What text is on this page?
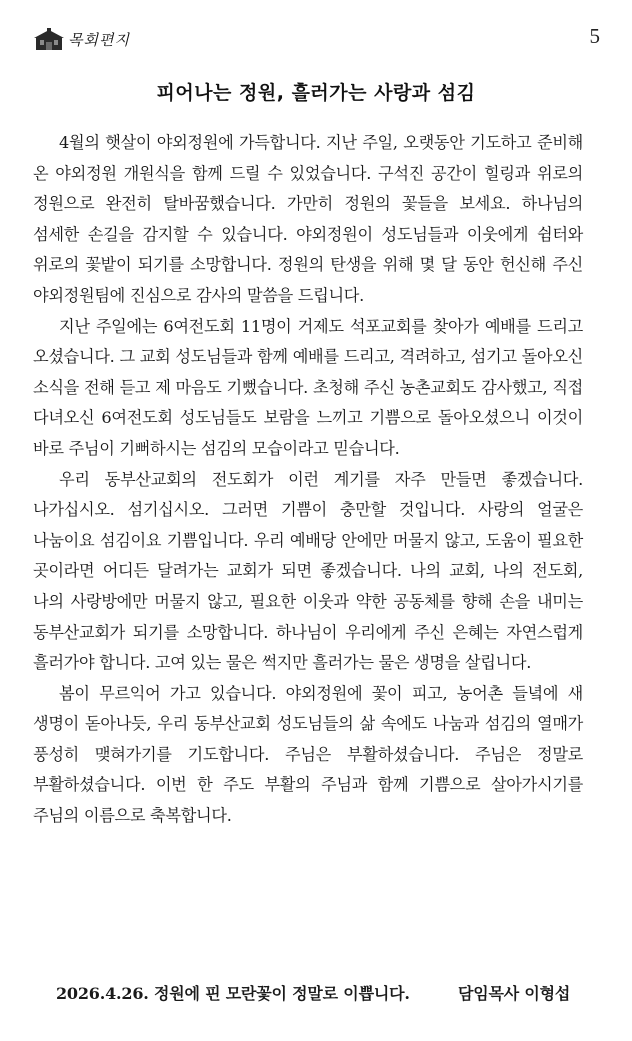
목회편지	5
피어나는 정원, 흘러가는 사랑과 섬김

4월의 햇살이 야외정원에 가득합니다. 지난 주일, 오랫동안 기도하고 준비해 온 야외정원 개원식을 함께 드릴 수 있었습니다. 구석진 공간이 힐링과 위로의 정원으로 완전히 탈바꿈했습니다. 가만히 정원의 꽃들을 보세요. 하나님의 섬세한 손길을 감지할 수 있습니다. 야외정원이 성도님들과 이웃에게 쉼터와 위로의 꽃밭이 되기를 소망합니다. 정원의 탄생을 위해 몇 달 동안 헌신해 주신 야외정원팀에 진심으로 감사의 말씀을 드립니다.

지난 주일에는 6여전도회 11명이 거제도 석포교회를 찾아가 예배를 드리고 오셨습니다. 그 교회 성도님들과 함께 예배를 드리고, 격려하고, 섬기고 돌아오신 소식을 전해 듣고 제 마음도 기뻤습니다. 초청해 주신 농촌교회도 감사했고, 직접 다녀오신 6여전도회 성도님들도 보람을 느끼고 기쁨으로 돌아오셨으니 이것이 바로 주님이 기뻐하시는 섬김의 모습이라고 믿습니다.

우리 동부산교회의 전도회가 이런 계기를 자주 만들면 좋겠습니다. 나가십시오. 섬기십시오. 그러면 기쁨이 충만할 것입니다. 사랑의 얼굴은 나눔이요 섬김이요 기쁨입니다. 우리 예배당 안에만 머물지 않고, 도움이 필요한 곳이라면 어디든 달려가는 교회가 되면 좋겠습니다. 나의 교회, 나의 전도회, 나의 사랑방에만 머물지 않고, 필요한 이웃과 약한 공동체를 향해 손을 내미는 동부산교회가 되기를 소망합니다. 하나님이 우리에게 주신 은혜는 자연스럽게 흘러가야 합니다. 고여 있는 물은 썩지만 흘러가는 물은 생명을 살립니다.

봄이 무르익어 가고 있습니다. 야외정원에 꽃이 피고, 농어촌 들녘에 새 생명이 돋아나듯, 우리 동부산교회 성도님들의 삶 속에도 나눔과 섬김의 열매가 풍성히 맺혀가기를 기도합니다. 주님은 부활하셨습니다. 주님은 정말로 부활하셨습니다. 이번 한 주도 부활의 주님과 함께 기쁨으로 살아가시기를 주님의 이름으로 축복합니다.

2026.4.26. 정원에 핀 모란꽃이 정말로 이쁩니다.	담임목사 이형섭
